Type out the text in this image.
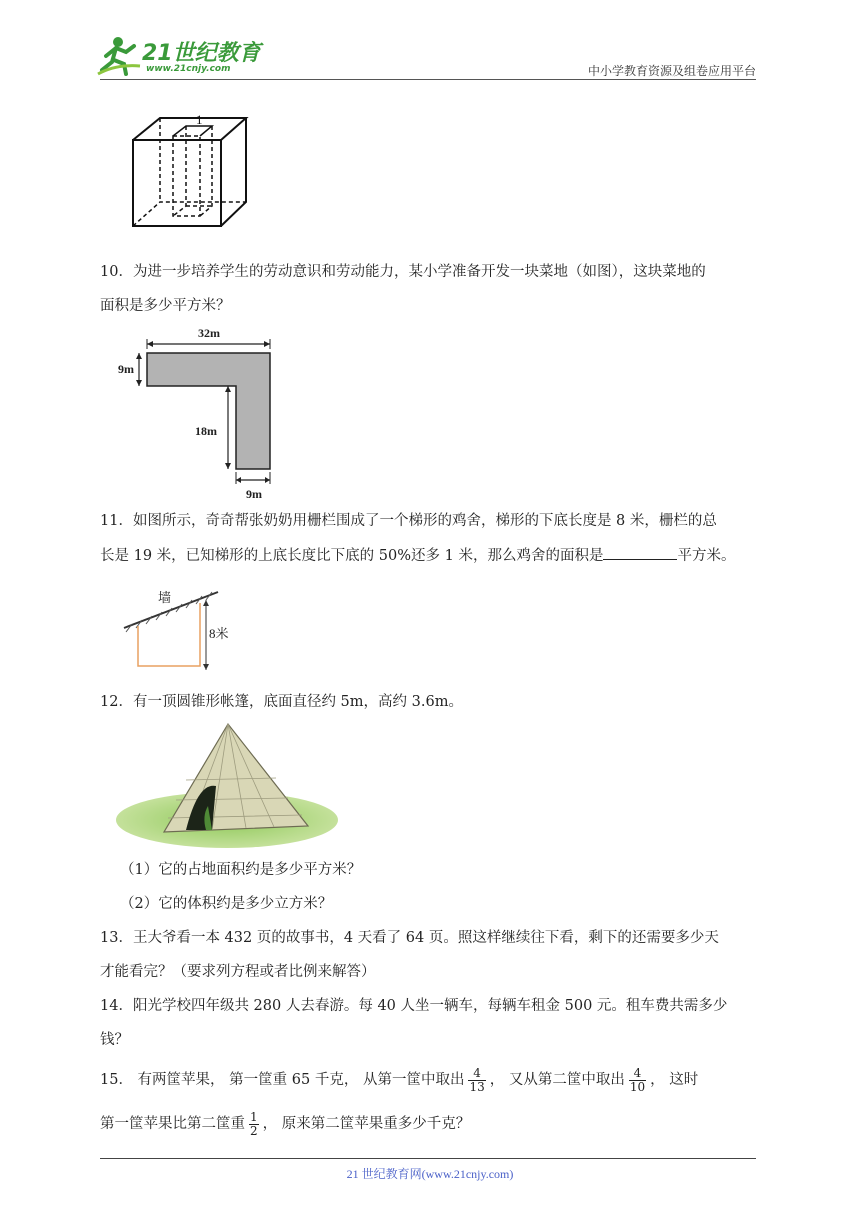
21世纪教育
www.21cnjy.com	中小学教育资源及组卷应用平台
1
10．为进一步培养学生的劳动意识和劳动能力，某小学准备开发一块菜地（如图），这块菜地的
面积是多少平方米？
32m
9m
18m
9m
11．如图所示，奇奇帮张奶奶用栅栏围成了一个梯形的鸡舍，梯形的下底长度是 8 米，栅栏的总
长是 19 米，已知梯形的上底长度比下底的 50%还多 1 米，那么鸡舍的面积是	平方米。
墙
8米
12．有一顶圆锥形帐篷，底面直径约 5m，高约 3.6m。
（1）它的占地面积约是多少平方米？
（2）它的体积约是多少立方米？
13．王大爷看一本 432 页的故事书，4 天看了 64 页。照这样继续往下看，剩下的还需要多少天
才能看完？（要求列方程或者比例来解答）
14．阳光学校四年级共 280 人去春游。每 40 人坐一辆车，每辆车租金 500 元。租车费共需多少
钱？
15． 有两筐苹果， 第一筐重 65 千克， 从第一筐中取出 $\frac{4}{13}$ ， 又从第二筐中取出 $\frac{4}{10}$ ， 这时
第一筐苹果比第二筐重 $\frac{1}{2}$ ， 原来第二筐苹果重多少千克？
21 世纪教育网(www.21cnjy.com)
